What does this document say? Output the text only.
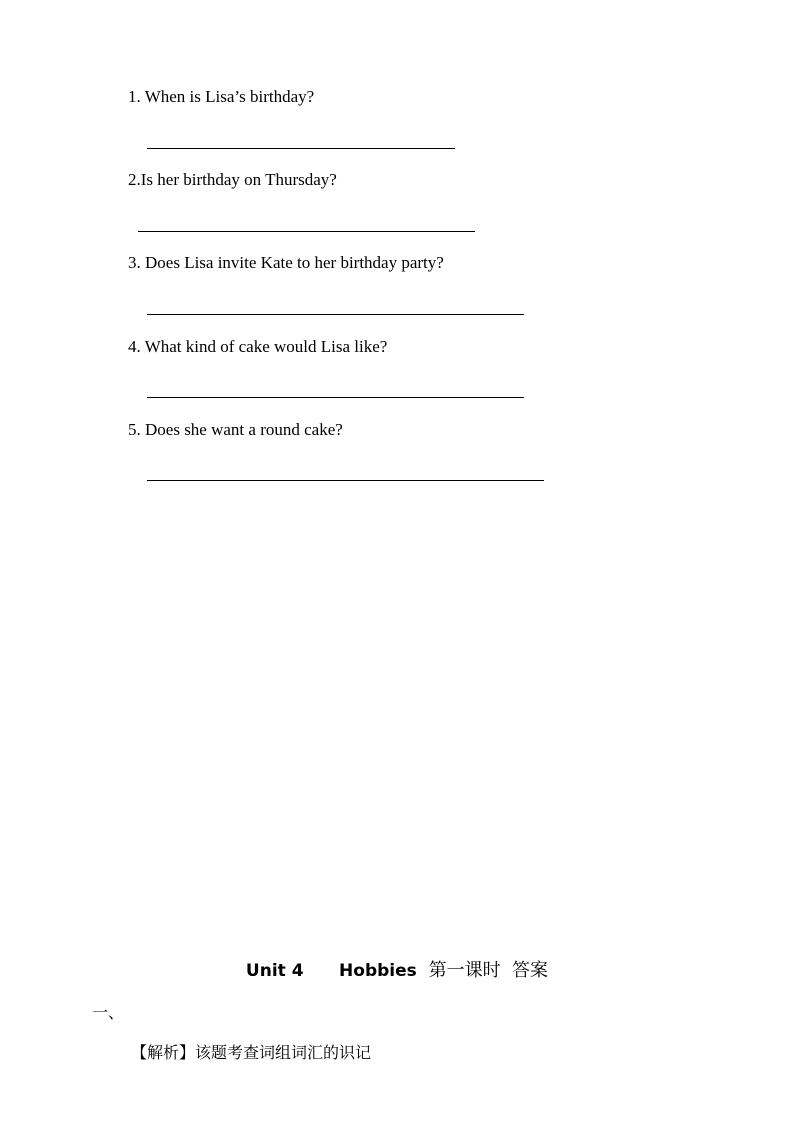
1. When is Lisa’s birthday?
2.Is her birthday on Thursday?
3. Does Lisa invite Kate to her birthday party?
4. What kind of cake would Lisa like?
5. Does she want a round cake?
Unit 4      Hobbies  第一课时  答案
一、
【解析】该题考查词组词汇的识记
